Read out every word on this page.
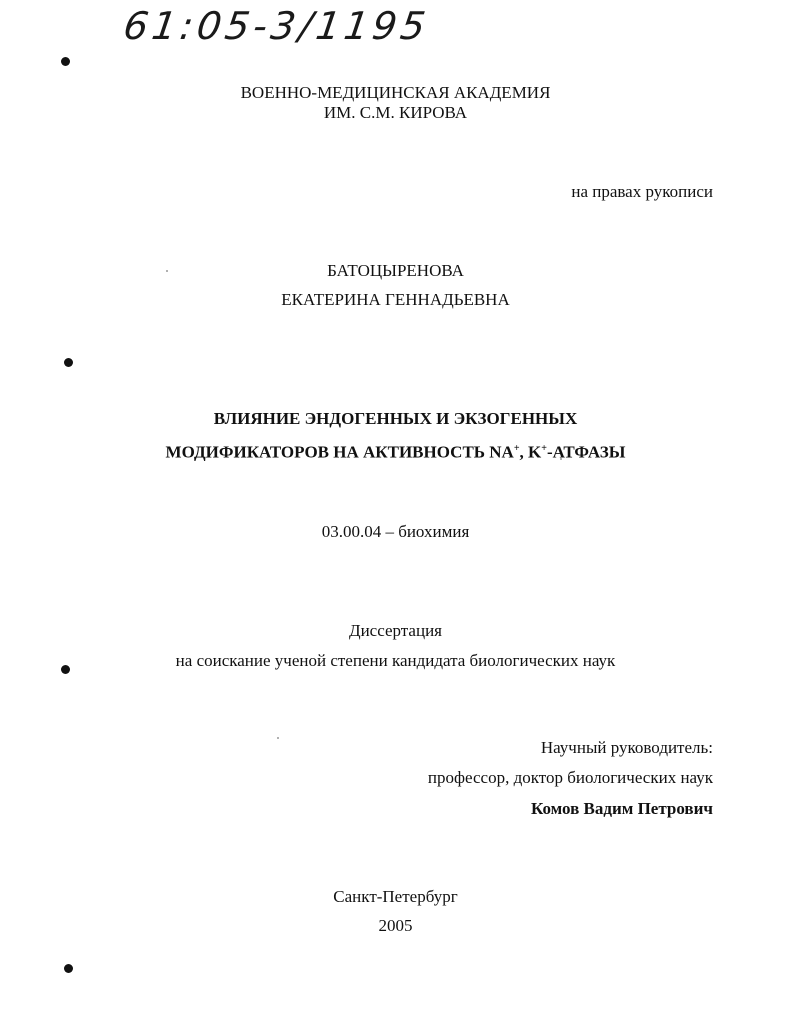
61:05-3/1195
ВОЕННО-МЕДИЦИНСКАЯ АКАДЕМИЯ
ИМ. С.М. КИРОВА
на правах рукописи
БАТОЦЫРЕНОВА
ЕКАТЕРИНА ГЕННАДЬЕВНА
ВЛИЯНИЕ ЭНДОГЕННЫХ И ЭКЗОГЕННЫХ
МОДИФИКАТОРОВ НА АКТИВНОСТЬ NA+, K+-АТФАЗЫ
03.00.04 – биохимия
Диссертация
на соискание ученой степени кандидата биологических наук
Научный руководитель:
профессор, доктор биологических наук
Комов Вадим Петрович
Санкт-Петербург
2005
